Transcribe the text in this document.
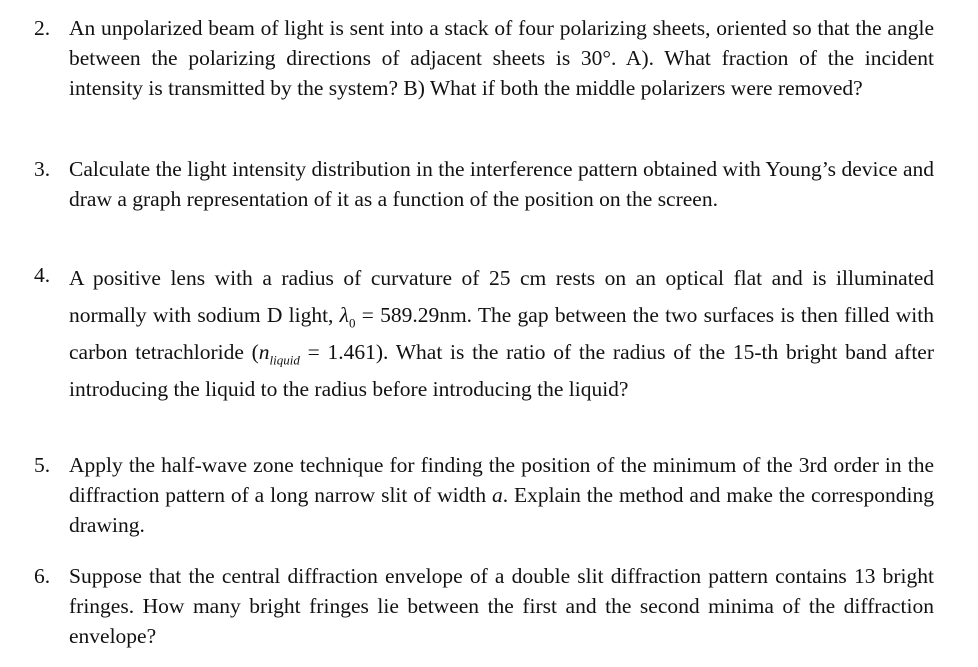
2. An unpolarized beam of light is sent into a stack of four polarizing sheets, oriented so that the angle between the polarizing directions of adjacent sheets is 30°. A). What fraction of the incident intensity is transmitted by the system? B) What if both the middle polarizers were removed?
3. Calculate the light intensity distribution in the interference pattern obtained with Young’s device and draw a graph representation of it as a function of the position on the screen.
4. A positive lens with a radius of curvature of 25 cm rests on an optical flat and is illuminated normally with sodium D light, $\lambda_0 = 589.29nm$. The gap between the two surfaces is then filled with carbon tetrachloride $(n_{liquid} = 1.461)$. What is the ratio of the radius of the 15-th bright band after introducing the liquid to the radius before introducing the liquid?
5. Apply the half-wave zone technique for finding the position of the minimum of the 3rd order in the diffraction pattern of a long narrow slit of width a. Explain the method and make the corresponding drawing.
6. Suppose that the central diffraction envelope of a double slit diffraction pattern contains 13 bright fringes. How many bright fringes lie between the first and the second minima of the diffraction envelope?
